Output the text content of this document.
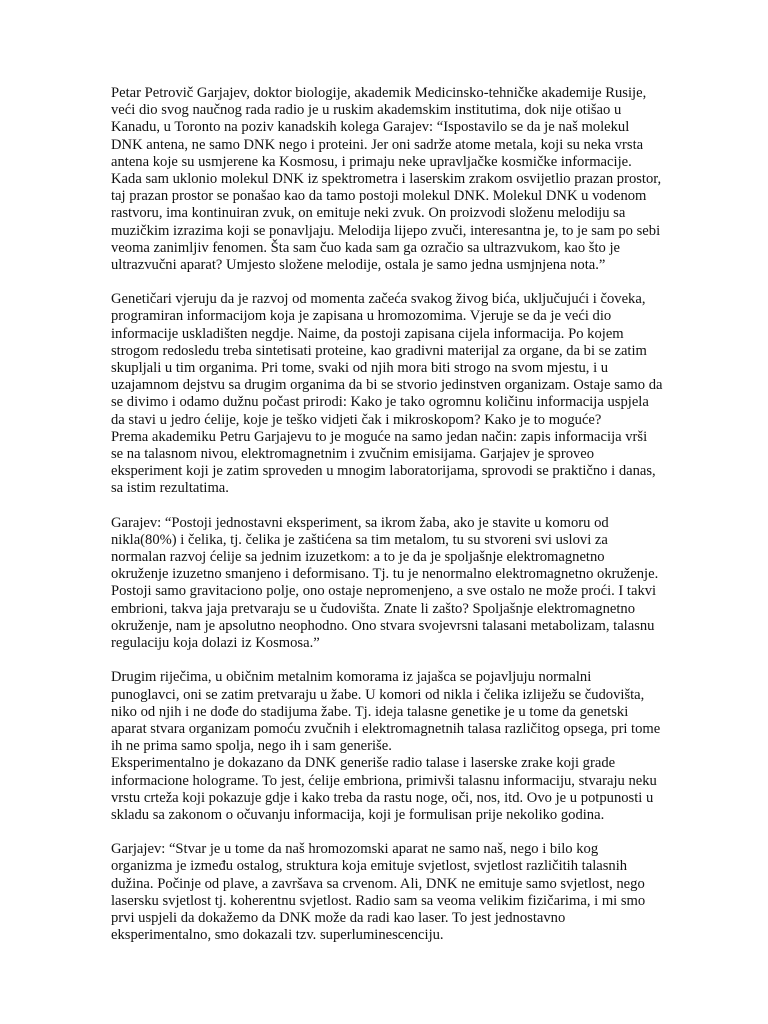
Petar Petrovič Garjajev, doktor biologije, akademik Medicinsko-tehničke akademije Rusije,
veći dio svog naučnog rada radio je u ruskim akademskim institutima, dok nije otišao u
Kanadu, u Toronto na poziv kanadskih kolega Garajev: “Ispostavilo se da je naš molekul
DNK antena, ne samo DNK nego i proteini. Jer oni sadrže atome metala, koji su neka vrsta
antena koje su usmjerene ka Kosmosu, i primaju neke upravljačke kosmičke informacije.
Kada sam uklonio molekul DNK iz spektrometra i laserskim zrakom osvijetlio prazan prostor,
taj prazan prostor se ponašao kao da tamo postoji molekul DNK. Molekul DNK u vodenom
rastvoru, ima kontinuiran zvuk, on emituje neki zvuk. On proizvodi složenu melodiju sa
muzičkim izrazima koji se ponavljaju. Melodija lijepo zvuči, interesantna je, to je sam po sebi
veoma zanimljiv fenomen. Šta sam čuo kada sam ga ozračio sa ultrazvukom, kao što je
ultrazvučni aparat? Umjesto složene melodije, ostala je samo jedna usmjnjena nota.”
Genetičari vjeruju da je razvoj od momenta začeća svakog živog bića, uključujući i čoveka,
programiran informacijom koja je zapisana u hromozomima. Vjeruje se da je veći dio
informacije uskladišten negdje. Naime, da postoji zapisana cijela informacija. Po kojem
strogom redosledu treba sintetisati proteine, kao gradivni materijal za organe, da bi se zatim
skupljali u tim organima. Pri tome, svaki od njih mora biti strogo na svom mjestu, i u
uzajamnom dejstvu sa drugim organima da bi se stvorio jedinstven organizam. Ostaje samo da
se divimo i odamo dužnu počast prirodi: Kako je tako ogromnu količinu informacija uspjela
da stavi u jedro ćelije, koje je teško vidjeti čak i mikroskopom? Kako je to moguće?
Prema akademiku Petru Garjajevu to je moguće na samo jedan način: zapis informacija vrši
se na talasnom nivou, elektromagnetnim i zvučnim emisijama. Garjajev je sproveo
eksperiment koji je zatim sproveden u mnogim laboratorijama, sprovodi se praktično i danas,
sa istim rezultatima.
Garajev: “Postoji jednostavni eksperiment, sa ikrom žaba, ako je stavite u komoru od
nikla(80%) i čelika, tj. čelika je zaštićena sa tim metalom, tu su stvoreni svi uslovi za
normalan razvoj ćelije sa jednim izuzetkom: a to je da je spoljašnje elektromagnetno
okruženje izuzetno smanjeno i deformisano. Tj. tu je nenormalno elektromagnetno okruženje.
Postoji samo gravitaciono polje, ono ostaje nepromenjeno, a sve ostalo ne može proći. I takvi
embrioni, takva jaja pretvaraju se u čudovišta. Znate li zašto? Spoljašnje elektromagnetno
okruženje, nam je apsolutno neophodno. Ono stvara svojevrsni talasani metabolizam, talasnu
regulaciju koja dolazi iz Kosmosa.”
Drugim riječima, u običnim metalnim komorama iz jajašca se pojavljuju normalni
punoglavci, oni se zatim pretvaraju u žabe. U komori od nikla i čelika izliježu se čudovišta,
niko od njih i ne dođe do stadijuma žabe. Tj. ideja talasne genetike je u tome da genetski
aparat stvara organizam pomoću zvučnih i elektromagnetnih talasa različitog opsega, pri tome
ih ne prima samo spolja, nego ih i sam generiše.
Eksperimentalno je dokazano da DNK generiše radio talase i laserske zrake koji grade
informacione holograme. To jest, ćelije embriona, primivši talasnu informaciju, stvaraju neku
vrstu crteža koji pokazuje gdje i kako treba da rastu noge, oči, nos, itd. Ovo je u potpunosti u
skladu sa zakonom o očuvanju informacija, koji je formulisan prije nekoliko godina.
Garjajev: “Stvar je u tome da naš hromozomski aparat ne samo naš, nego i bilo kog
organizma je između ostalog, struktura koja emituje svjetlost, svjetlost različitih talasnih
dužina. Počinje od plave, a završava sa crvenom. Ali, DNK ne emituje samo svjetlost, nego
lasersku svjetlost tj. koherentnu svjetlost. Radio sam sa veoma velikim fizičarima, i mi smo
prvi uspjeli da dokažemo da DNK može da radi kao laser. To jest jednostavno
eksperimentalno, smo dokazali tzv. superluminescenciju.
